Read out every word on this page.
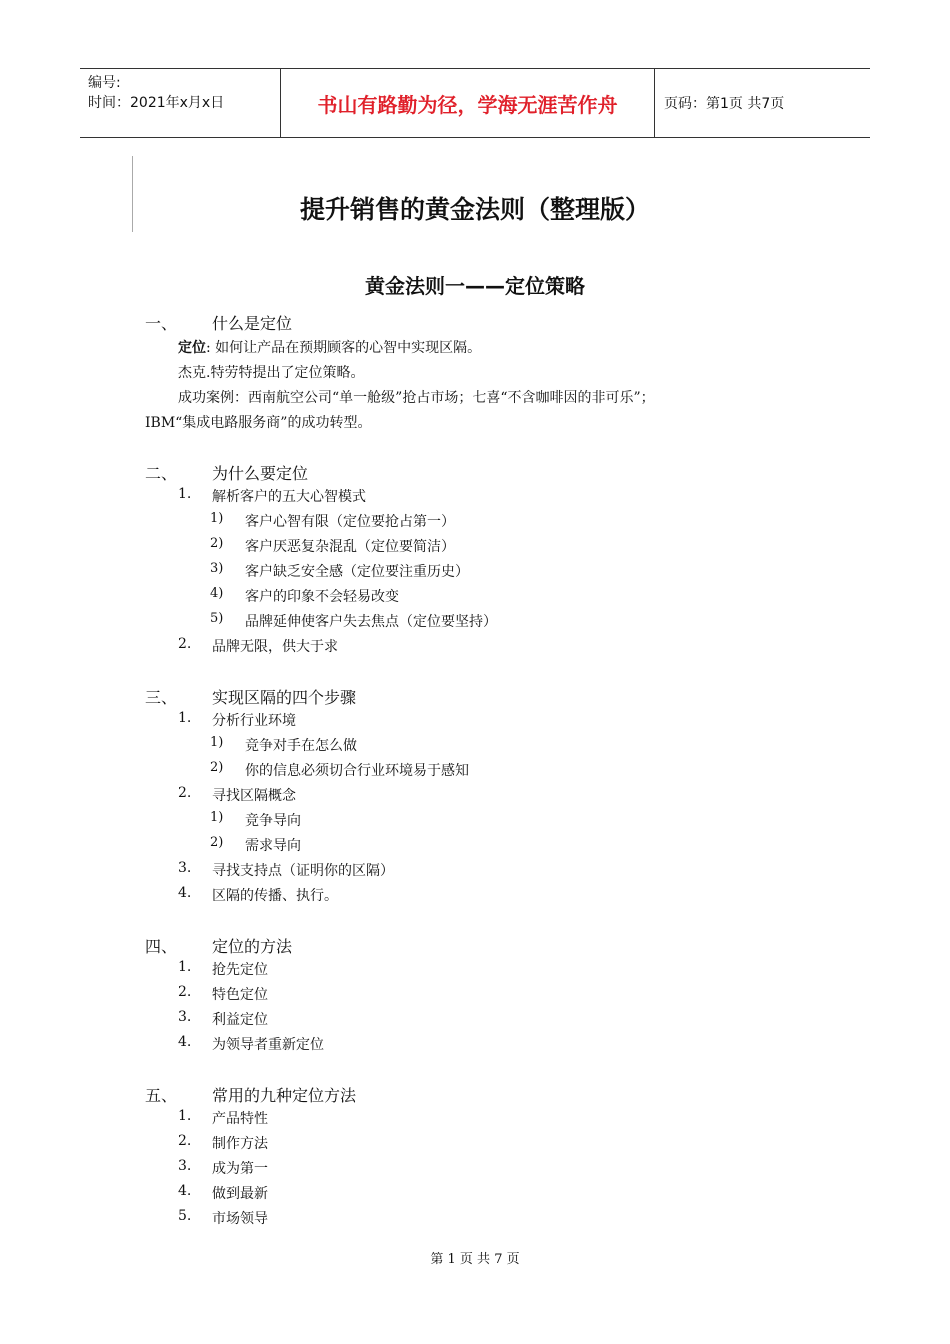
编号:
时间：2021年x月x日	书山有路勤为径，学海无涯苦作舟	页码：第1页 共7页
提升销售的黄金法则（整理版）
黄金法则一——定位策略
一、 什么是定位
定位: 如何让产品在预期顾客的心智中实现区隔。
杰克.特劳特提出了定位策略。
成功案例：西南航空公司“单一舱级”抢占市场；七喜“不含咖啡因的非可乐”；
IBM“集成电路服务商”的成功转型。
二、 为什么要定位
1. 解析客户的五大心智模式
1) 客户心智有限（定位要抢占第一）
2) 客户厌恶复杂混乱（定位要简洁）
3) 客户缺乏安全感（定位要注重历史）
4) 客户的印象不会轻易改变
5) 品牌延伸使客户失去焦点（定位要坚持）
2. 品牌无限，供大于求
三、 实现区隔的四个步骤
1. 分析行业环境
1) 竞争对手在怎么做
2) 你的信息必须切合行业环境易于感知
2. 寻找区隔概念
1) 竞争导向
2) 需求导向
3. 寻找支持点（证明你的区隔）
4. 区隔的传播、执行。
四、 定位的方法
1. 抢先定位
2. 特色定位
3. 利益定位
4. 为领导者重新定位
五、 常用的九种定位方法
1. 产品特性
2. 制作方法
3. 成为第一
4. 做到最新
5. 市场领导
第 1 页 共 7 页
